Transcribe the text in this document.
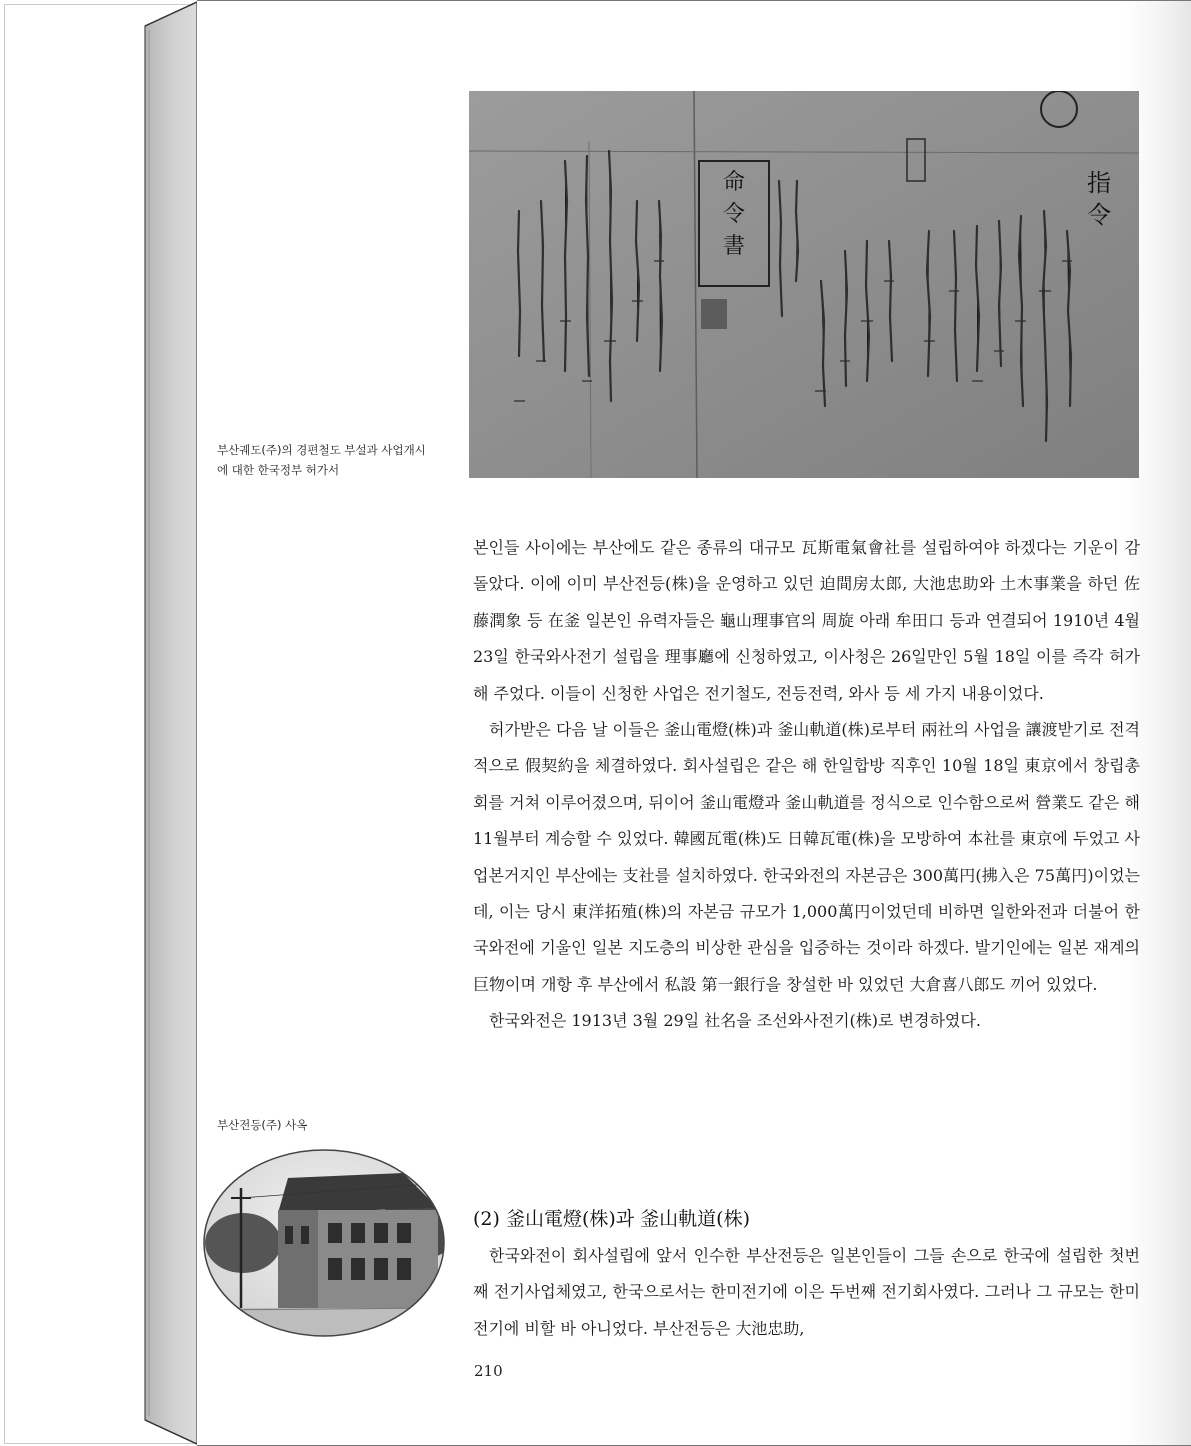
命
令
書
指
令
부산궤도(주)의 경편철도 부설과 사업개시
에 대한 한국정부 허가서
부산전등(주) 사옥

본인들 사이에는 부산에도 같은 종류의 대규모 瓦斯電氣會社를 설립하여야 하겠다는 기운이 감돌았다. 이에 이미 부산전등(株)을 운영하고 있던 迫間房太郎, 大池忠助와 土木事業을 하던 佐藤潤象 등 在釜 일본인 유력자들은 龜山理事官의 周旋 아래 牟田口 등과 연결되어 1910년 4월 23일 한국와사전기 설립을 理事廳에 신청하였고, 이사청은 26일만인 5월 18일 이를 즉각 허가해 주었다. 이들이 신청한 사업은 전기철도, 전등전력, 와사 등 세 가지 내용이었다.

허가받은 다음 날 이들은 釜山電燈(株)과 釜山軌道(株)로부터 兩社의 사업을 讓渡받기로 전격적으로 假契約을 체결하였다. 회사설립은 같은 해 한일합방 직후인 10월 18일 東京에서 창립총회를 거쳐 이루어졌으며, 뒤이어 釜山電燈과 釜山軌道를 정식으로 인수함으로써 營業도 같은 해 11월부터 계승할 수 있었다. 韓國瓦電(株)도 日韓瓦電(株)을 모방하여 本社를 東京에 두었고 사업본거지인 부산에는 支社를 설치하였다. 한국와전의 자본금은 300萬円(拂入은 75萬円)이었는데, 이는 당시 東洋拓殖(株)의 자본금 규모가 1,000萬円이었던데 비하면 일한와전과 더불어 한국와전에 기울인 일본 지도층의 비상한 관심을 입증하는 것이라 하겠다. 발기인에는 일본 재계의 巨物이며 개항 후 부산에서 私設 第一銀行을 창설한 바 있었던 大倉喜八郎도 끼어 있었다.

한국와전은 1913년 3월 29일 社名을 조선와사전기(株)로 변경하였다.

(2) 釜山電燈(株)과 釜山軌道(株)

한국와전이 회사설립에 앞서 인수한 부산전등은 일본인들이 그들 손으로 한국에 설립한 첫번째 전기사업체였고, 한국으로서는 한미전기에 이은 두번째 전기회사였다. 그러나 그 규모는 한미전기에 비할 바 아니었다. 부산전등은 大池忠助,

210
